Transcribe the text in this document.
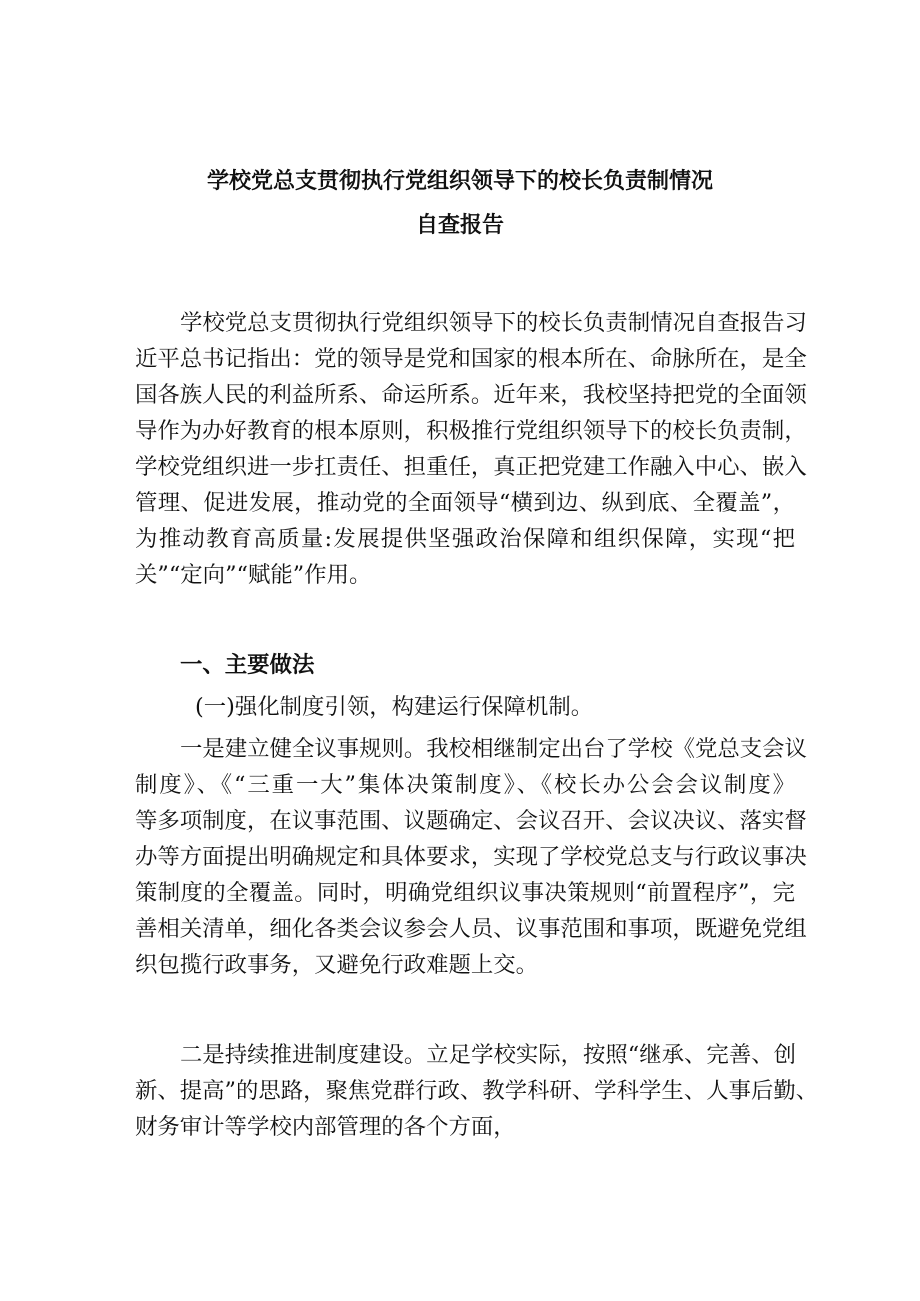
学校党总支贯彻执行党组织领导下的校长负责制情况
自查报告
学校党总支贯彻执行党组织领导下的校长负责制情况自查报告习
近平总书记指出：党的领导是党和国家的根本所在、命脉所在，是全
国各族人民的利益所系、命运所系。近年来，我校坚持把党的全面领
导作为办好教育的根本原则，积极推行党组织领导下的校长负责制，
学校党组织进一步扛责任、担重任，真正把党建工作融入中心、嵌入
管理、促进发展，推动党的全面领导“横到边、纵到底、全覆盖”，
为推动教育高质量:发展提供坚强政治保障和组织保障，实现“把
关”“定向”“赋能”作用。
一、主要做法
(一)强化制度引领，构建运行保障机制。
一是建立健全议事规则。我校相继制定出台了学校《党总支会议
制度》、《“三重一大”集体决策制度》、《校长办公会会议制度》
等多项制度，在议事范围、议题确定、会议召开、会议决议、落实督
办等方面提出明确规定和具体要求，实现了学校党总支与行政议事决
策制度的全覆盖。同时，明确党组织议事决策规则“前置程序”，完
善相关清单，细化各类会议参会人员、议事范围和事项，既避免党组
织包揽行政事务，又避免行政难题上交。
二是持续推进制度建设。立足学校实际，按照“继承、完善、创
新、提高”的思路，聚焦党群行政、教学科研、学科学生、人事后勤、
财务审计等学校内部管理的各个方面，
